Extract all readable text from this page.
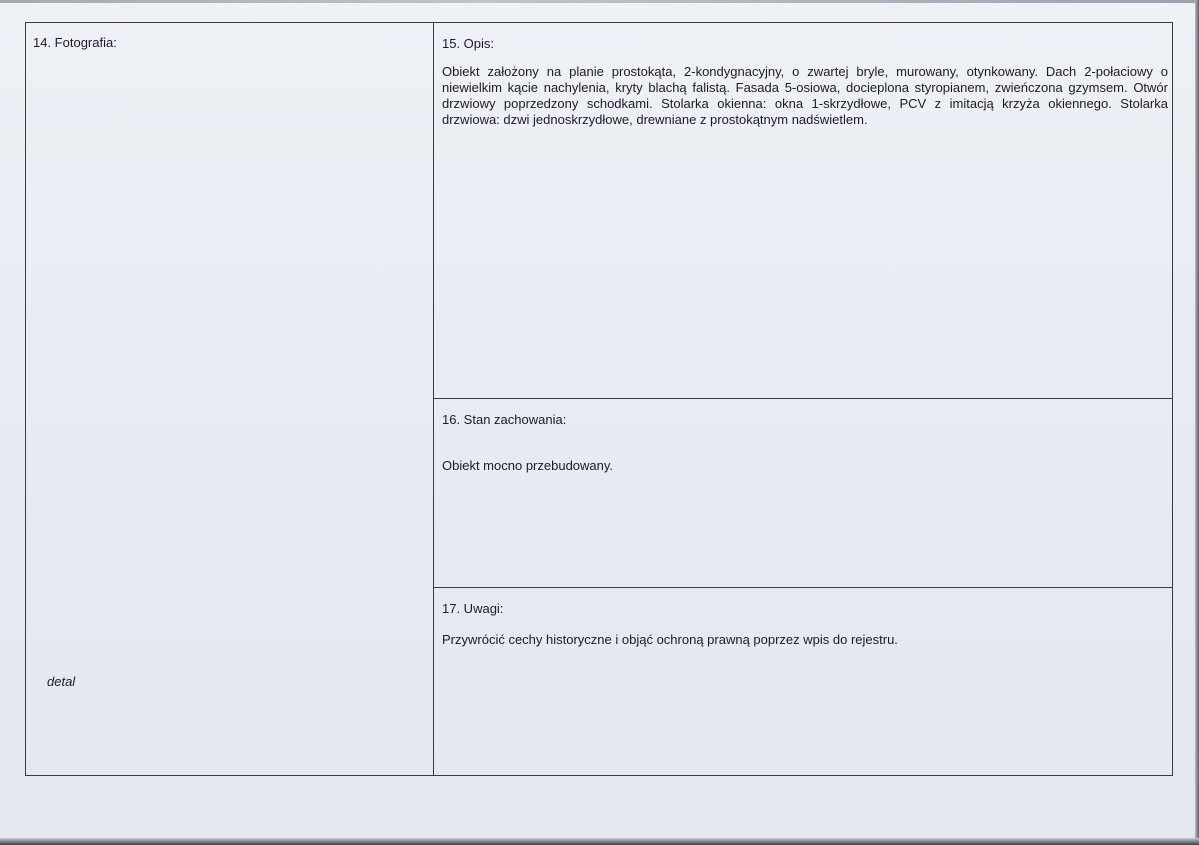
14. Fotografia:
detal
15. Opis:
Obiekt założony na planie prostokąta, 2-kondygnacyjny, o zwartej bryle, murowany, otynkowany. Dach 2-połaciowy o niewielkim kącie nachylenia, kryty blachą falistą. Fasada 5-osiowa, docieplona styropianem, zwieńczona gzymsem. Otwór drzwiowy poprzedzony schodkami. Stolarka okienna: okna 1-skrzydłowe, PCV z imitacją krzyża okiennego. Stolarka drzwiowa: dzwi jednoskrzydłowe, drewniane z prostokątnym nadświetlem.
16. Stan zachowania:
Obiekt mocno przebudowany.
17. Uwagi:
Przywrócić cechy historyczne i objąć ochroną prawną poprzez wpis do rejestru.
